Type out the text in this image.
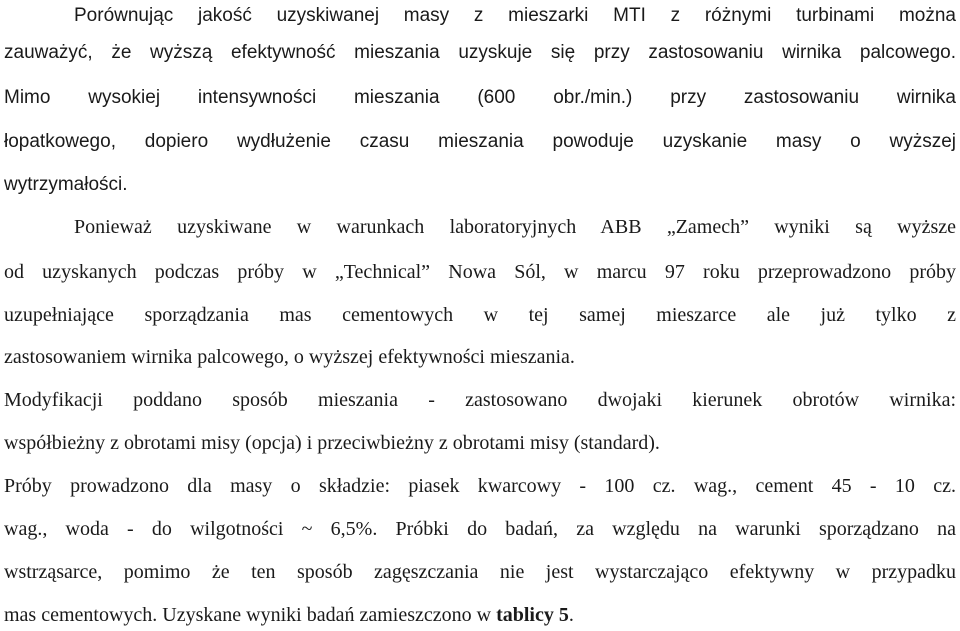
Porównując jakość uzyskiwanej masy z mieszarki MTI z różnymi turbinami można
zauważyć, że wyższą efektywność mieszania uzyskuje się przy zastosowaniu wirnika palcowego.
Mimo wysokiej intensywności mieszania (600 obr./min.) przy zastosowaniu wirnika
łopatkowego, dopiero wydłużenie czasu mieszania powoduje uzyskanie masy o wyższej
wytrzymałości.
Ponieważ uzyskiwane w warunkach laboratoryjnych ABB „Zamech” wyniki są wyższe
od uzyskanych podczas próby w „Technical” Nowa Sól, w marcu 97 roku przeprowadzono próby
uzupełniające sporządzania mas cementowych w tej samej mieszarce ale już tylko z
zastosowaniem wirnika palcowego, o wyższej efektywności mieszania.
Modyfikacji poddano sposób mieszania - zastosowano dwojaki kierunek obrotów wirnika:
współbieżny z obrotami misy (opcja) i przeciwbieżny z obrotami misy (standard).
Próby prowadzono dla masy o składzie: piasek kwarcowy - 100 cz. wag., cement 45 - 10 cz.
wag., woda - do wilgotności ~ 6,5%. Próbki do badań, za względu na warunki sporządzano na
wstrząsarce, pomimo że ten sposób zagęszczania nie jest wystarczająco efektywny w przypadku
mas cementowych. Uzyskane wyniki badań zamieszczono w tablicy 5.
